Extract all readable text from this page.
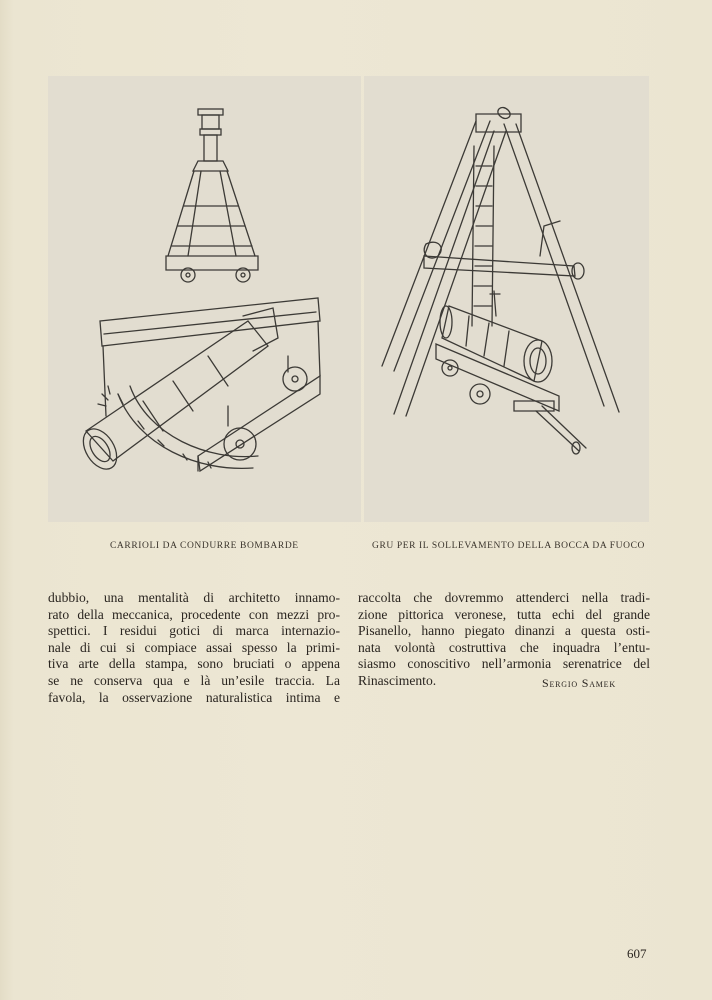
CARRIOLI DA CONDURRE BOMBARDE	GRU PER IL SOLLEVAMENTO DELLA BOCCA DA FUOCO
dubbio, una mentalità di architetto innamo-
rato della meccanica, procedente con mezzi pro-
spettici. I residui gotici di marca internazio-
nale di cui si compiace assai spesso la primi-
tiva arte della stampa, sono bruciati o appena
se ne conserva qua e là un’esile traccia. La
favola, la osservazione naturalistica intima e
raccolta che dovremmo attenderci nella tradi-
zione pittorica veronese, tutta echi del grande
Pisanello, hanno piegato dinanzi a questa osti-
nata volontà costruttiva che inquadra l’entu-
siasmo conoscitivo nell’armonia serenatrice del
Rinascimento.	Sergio Samek
607
